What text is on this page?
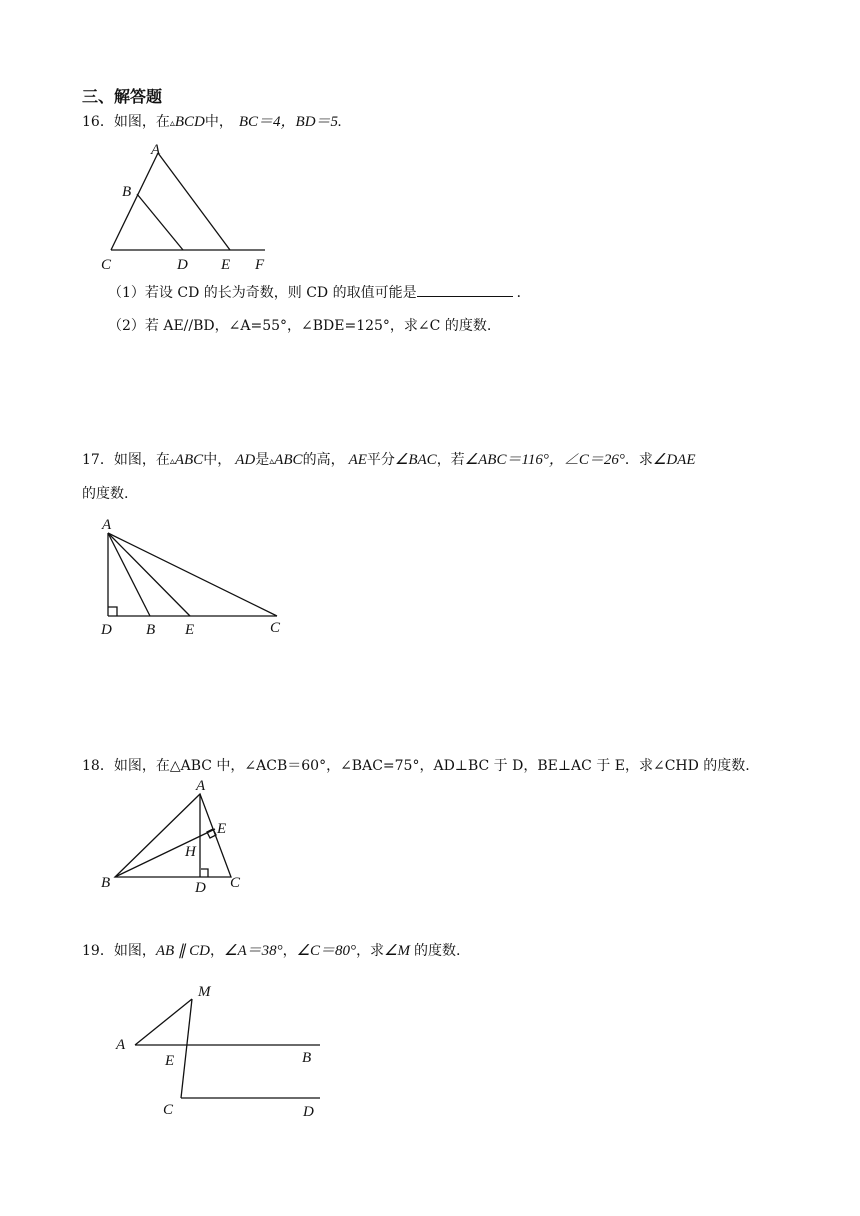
三、解答题
16．如图，在▵BCD中， BC＝4，BD＝5.
A
B
C	D E F
（1）若设 CD 的长为奇数，则 CD 的取值可能是	．
（2）若 AE//BD，∠A=55°，∠BDE=125°，求∠C 的度数.
17．如图，在▵ABC中， AD是▵ABC的高， AE平分∠BAC，若∠ABC＝116°，∠C＝26°．求∠DAE
的度数.
A
D B E	C
18．如图，在△ABC 中，∠ACB＝60°，∠BAC=75°，AD⊥BC 于 D，BE⊥AC 于 E，求∠CHD 的度数.
A
E
H
B	D C
19．如图，AB ∥ CD，∠A＝38°，∠C＝80°，求∠M 的度数.
M
A
E	B
C	D
